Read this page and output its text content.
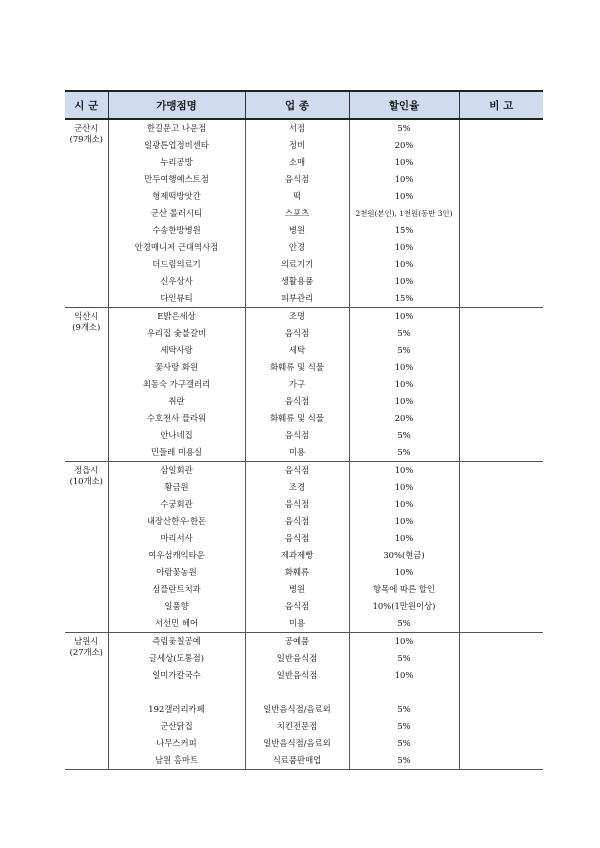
시 군	가맹점명	업 종	할인율	비 고

군산시
(79개소)	한길문고 나운점	서점	5%	
	일광튼업정비센타	정비	20%	
	누리공방	소매	10%	
	만두여행예스트점	음식점	10%	
	형제떡방앗간	떡	10%	
	군산 롤러시티	스포츠	2천원(본인), 1천원(동반 3인)	
	수송한방병원	병원	15%	
	안경매니저 근대역사점	안경	10%	
	더드림의료기	의료기기	10%	
	신우상사	생활용품	10%	
	다인뷰티	피부관리	15%	

익산시
(9개소)	E밝은세상	조명	10%	
	우리집 숯불갈비	음식점	5%	
	세탁사랑	세탁	5%	
	꽃사랑 화원	화훼류 및 식물	10%	
	최동숙 가구갤러리	가구	10%	
	취란	음식점	10%	
	수호천사 플라워	화훼류 및 식물	20%	
	안나네집	음식점	5%	
	민들레 미용실	미용	5%	

정읍시
(10개소)	삼일회관	음식점	10%	
	황금원	조경	10%	
	수궁회관	음식점	10%	
	내장산한우·한돈	음식점	10%	
	마리서사	음식점	10%	
	여우섬캐익타운	제과제빵	30%(현금)	
	아람꽃농원	화훼류	10%	
	심플란트치과	병원	항목에 따른 할인	
	일품향	음식점	10%(1만원이상)	
	서선민 헤어	미용	5%	

남원시
(27개소)	즉림옻칠공예	공예품	10%	
	글세상(도통점)	일반음식점	5%	
	일미가칼국수	일반음식점	10%	

	192갤러리카페	일반음식점/음료외	5%	
	군산닭집	치킨전문점	5%	
	나무스커피	일반음식점/음료외	5%	
	남원 홈마트	식료품판매업	5%	
